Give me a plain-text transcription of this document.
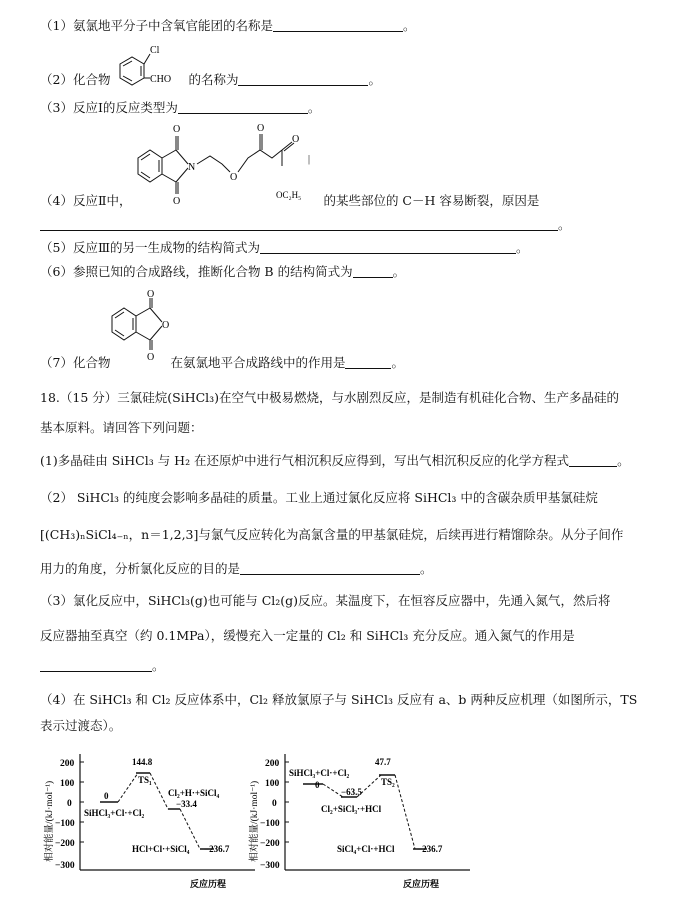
（1）氨氯地平分子中含氧官能团的名称是	。
Cl
CHO
（2）化合物	的名称为	。
（3）反应Ⅰ的反应类型为	。
O
O
N
O
O
O
|
OC₂H₅
（4）反应Ⅱ中，	的某些部位的 C－H 容易断裂，原因是
。
（5）反应Ⅲ的另一生成物的结构简式为	。
（6）参照已知的合成路线，推断化合物 B 的结构简式为	。
O
O
O
（7）化合物	在氨氯地平合成路线中的作用是	。
18.（15 分）三氯硅烷(SiHCl₃)在空气中极易燃烧，与水剧烈反应，是制造有机硅化合物、生产多晶硅的
基本原料。请回答下列问题：
(1)多晶硅由 SiHCl₃ 与 H₂ 在还原炉中进行气相沉积反应得到，写出气相沉积反应的化学方程式	。
（2） SiHCl₃ 的纯度会影响多晶硅的质量。工业上通过氯化反应将 SiHCl₃ 中的含碳杂质甲基氯硅烷
[(CH₃)ₙSiCl₄₋ₙ，n＝1,2,3]与氯气反应转化为高氯含量的甲基氯硅烷，后续再进行精馏除杂。从分子间作
用力的角度，分析氯化反应的目的是	。
（3）氯化反应中，SiHCl₃(g)也可能与 Cl₂(g)反应。某温度下，在恒容反应器中，先通入氮气，然后将
反应器抽至真空（约 0.1MPa），缓慢充入一定量的 Cl₂ 和 SiHCl₃ 充分反应。通入氮气的作用是
。
（4）在 SiHCl₃ 和 Cl₂ 反应体系中，Cl₂ 释放氯原子与 SiHCl₃ 反应有 a、b 两种反应机理（如图所示，TS
表示过渡态）。
相对能量/(kJ·mol⁻¹)
200
100
0
−100
−200
−300
0
SiHCl₃+Cl·+Cl₂
144.8
TS₁
Cl₂+H·+SiCl₄
−33.4
HCl+Cl·+SiCl₄ −236.7
反应历程
相对能量/(kJ·mol⁻¹)
200
100
0
−100
−200
−300
SiHCl₃+Cl·+Cl₂
0
−63.5
Cl₂+SiCl₃·+HCl
47.7
TS₂
SiCl₄+Cl·+HCl	−236.7
反应历程
